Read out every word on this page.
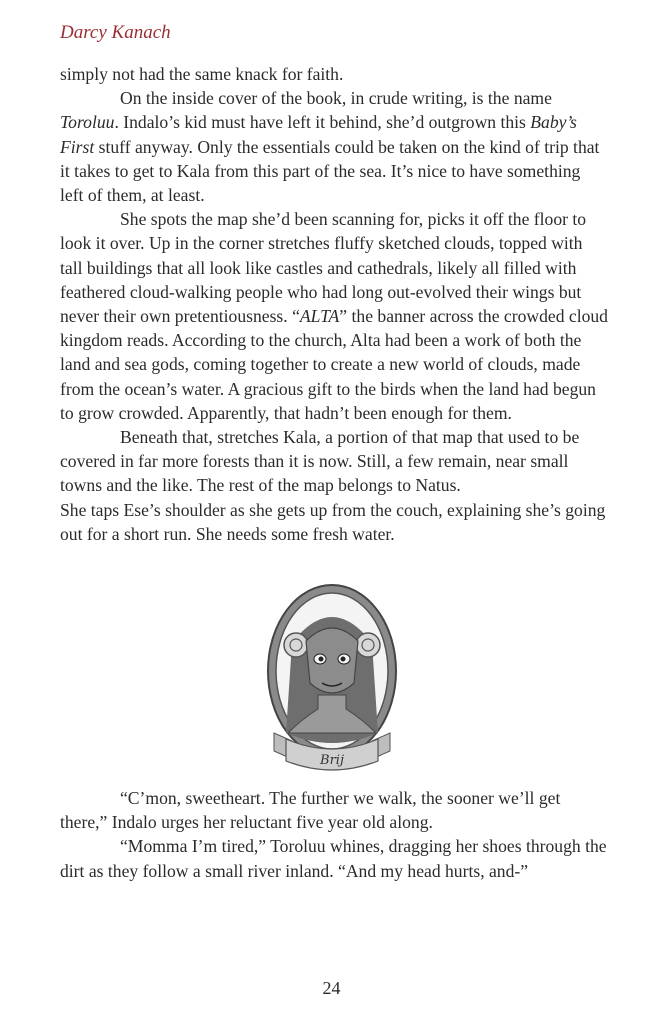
Darcy Kanach

simply not had the same knack for faith.

On the inside cover of the book, in crude writing, is the name Toroluu. Indalo’s kid must have left it behind, she’d outgrown this Baby’s First stuff anyway. Only the essentials could be taken on the kind of trip that it takes to get to Kala from this part of the sea. It’s nice to have something left of them, at least.

She spots the map she’d been scanning for, picks it off the floor to look it over. Up in the corner stretches fluffy sketched clouds, topped with tall buildings that all look like castles and cathedrals, likely all filled with feathered cloud-walking people who had long out-evolved their wings but never their own pretentiousness. “ALTA” the banner across the crowded cloud kingdom reads. According to the church, Alta had been a work of both the land and sea gods, coming together to create a new world of clouds, made from the ocean’s water. A gracious gift to the birds when the land had begun to grow crowded. Apparently, that hadn’t been enough for them.

Beneath that, stretches Kala, a portion of that map that used to be covered in far more forests than it is now. Still, a few remain, near small towns and the like. The rest of the map belongs to Natus.

She taps Ese’s shoulder as she gets up from the couch, explaining she’s going out for a short run. She needs some fresh water.

Brij

“C’mon, sweetheart. The further we walk, the sooner we’ll get there,” Indalo urges her reluctant five year old along.

“Momma I’m tired,” Toroluu whines, dragging her shoes through the dirt as they follow a small river inland. “And my head hurts, and-”

24
